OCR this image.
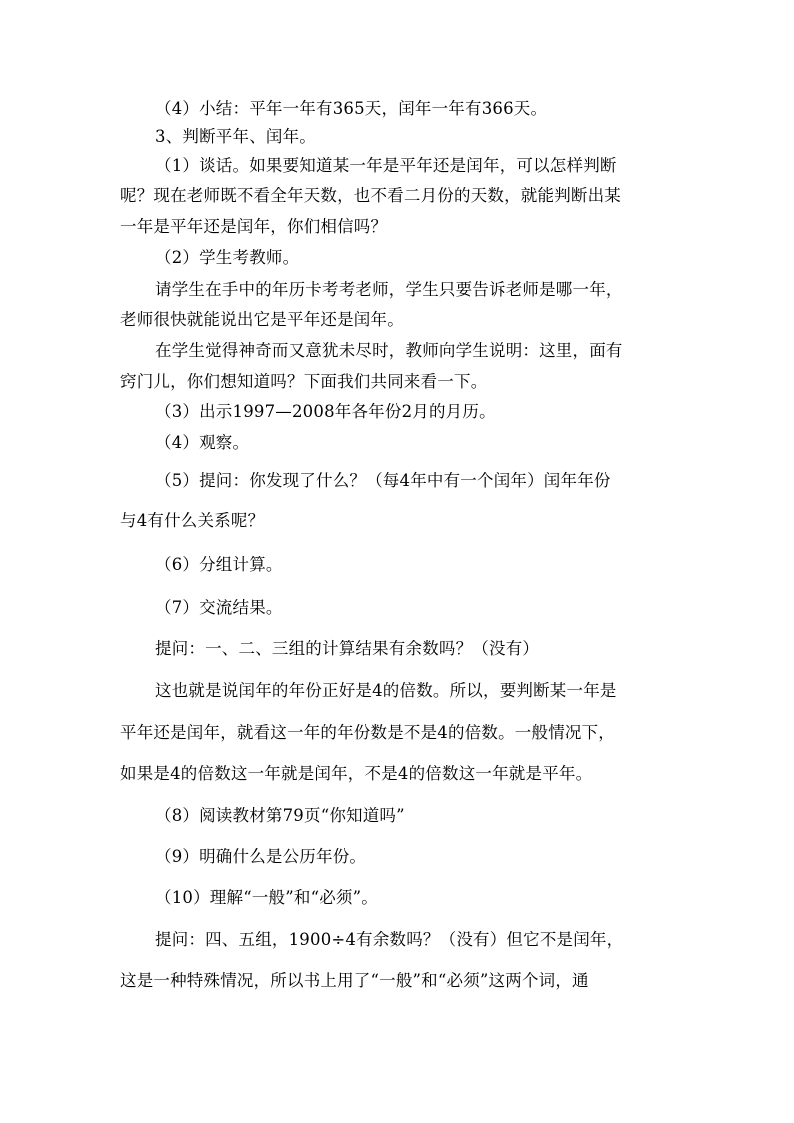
（4）小结：平年一年有365天，闰年一年有366天。
3、判断平年、闰年。
（1）谈话。如果要知道某一年是平年还是闰年，可以怎样判断
呢？现在老师既不看全年天数，也不看二月份的天数，就能判断出某
一年是平年还是闰年，你们相信吗？
（2）学生考教师。
请学生在手中的年历卡考考老师，学生只要告诉老师是哪一年，
老师很快就能说出它是平年还是闰年。
在学生觉得神奇而又意犹未尽时，教师向学生说明：这里，面有
窍门儿，你们想知道吗？下面我们共同来看一下。
（3）出示1997—2008年各年份2月的月历。
（4）观察。
（5）提问：你发现了什么？（每4年中有一个闰年）闰年年份
与4有什么关系呢？
（6）分组计算。
（7）交流结果。
提问：一、二、三组的计算结果有余数吗？（没有）
这也就是说闰年的年份正好是4的倍数。所以，要判断某一年是
平年还是闰年，就看这一年的年份数是不是4的倍数。一般情况下，
如果是4的倍数这一年就是闰年，不是4的倍数这一年就是平年。
（8）阅读教材第79页“你知道吗”
（9）明确什么是公历年份。
（10）理解“一般”和“必须”。
提问：四、五组，1900÷4有余数吗？（没有）但它不是闰年，
这是一种特殊情况，所以书上用了“一般”和“必须”这两个词，通
